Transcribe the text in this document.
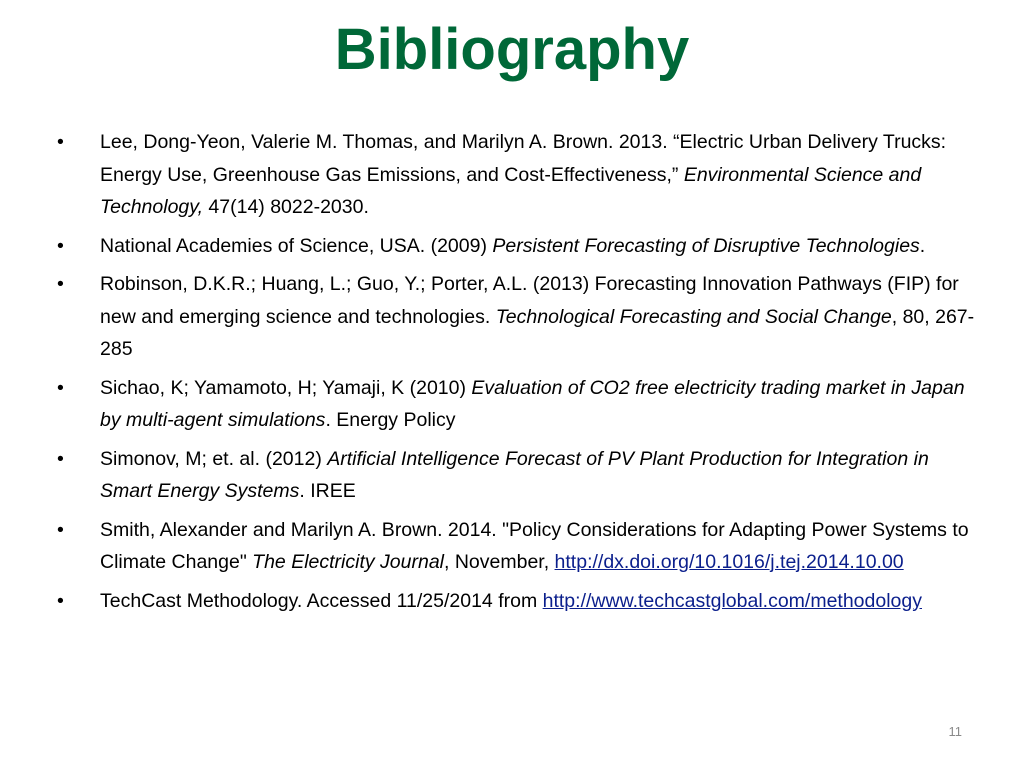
Bibliography
•	Lee, Dong-Yeon, Valerie M. Thomas, and Marilyn A. Brown. 2013. “Electric Urban Delivery Trucks: Energy Use, Greenhouse Gas Emissions, and Cost-Effectiveness,” Environmental Science and Technology, 47(14) 8022-2030.
•	National Academies of Science, USA. (2009) Persistent Forecasting of Disruptive Technologies.
•	Robinson, D.K.R.; Huang, L.; Guo, Y.; Porter, A.L. (2013) Forecasting Innovation Pathways (FIP) for new and emerging science and technologies. Technological Forecasting and Social Change, 80, 267-285
•	Sichao, K; Yamamoto, H; Yamaji, K (2010) Evaluation of CO2 free electricity trading market in Japan by multi-agent simulations. Energy Policy
•	Simonov, M; et. al. (2012) Artificial Intelligence Forecast of PV Plant Production for Integration in Smart Energy Systems. IREE
•	Smith, Alexander and Marilyn A. Brown. 2014. "Policy Considerations for Adapting Power Systems to Climate Change" The Electricity Journal, November, http://dx.doi.org/10.1016/j.tej.2014.10.00
•	TechCast Methodology. Accessed 11/25/2014 from http://www.techcastglobal.com/methodology
11
